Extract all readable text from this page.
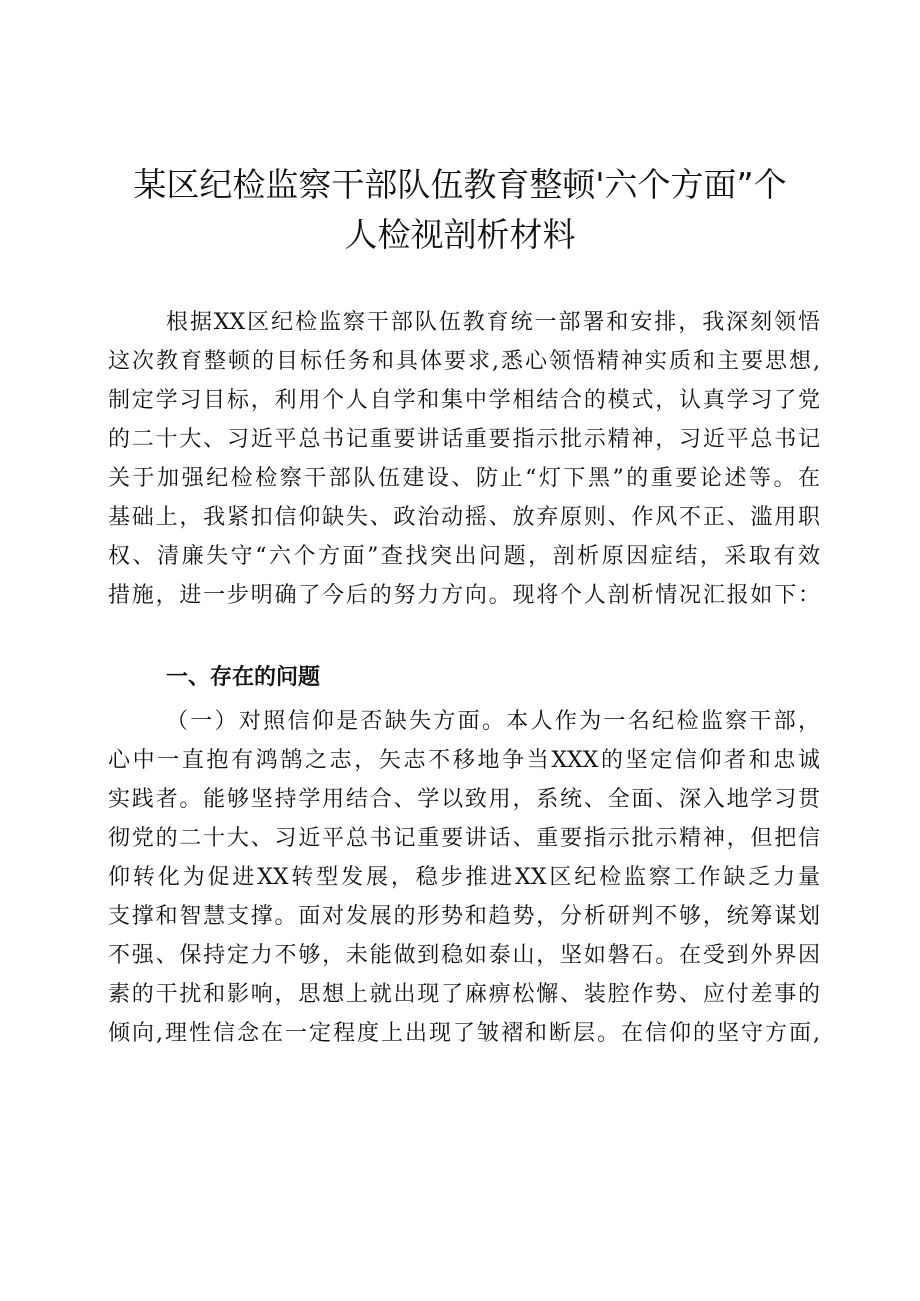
某区纪检监察干部队伍教育整顿'六个方面”个
人检视剖析材料
根据XX区纪检监察干部队伍教育统一部署和安排，我深刻领悟
这次教育整顿的目标任务和具体要求,悉心领悟精神实质和主要思想,
制定学习目标，利用个人自学和集中学相结合的模式，认真学习了党
的二十大、习近平总书记重要讲话重要指示批示精神，习近平总书记
关于加强纪检检察干部队伍建设、防止“灯下黑”的重要论述等。在
基础上，我紧扣信仰缺失、政治动摇、放弃原则、作风不正、滥用职
权、清廉失守“六个方面”查找突出问题，剖析原因症结，采取有效
措施，进一步明确了今后的努力方向。现将个人剖析情况汇报如下：
一、存在的问题
（一）对照信仰是否缺失方面。本人作为一名纪检监察干部，
心中一直抱有鸿鹄之志，矢志不移地争当XXX的坚定信仰者和忠诚
实践者。能够坚持学用结合、学以致用，系统、全面、深入地学习贯
彻党的二十大、习近平总书记重要讲话、重要指示批示精神，但把信
仰转化为促进XX转型发展，稳步推进XX区纪检监察工作缺乏力量
支撑和智慧支撑。面对发展的形势和趋势，分析研判不够，统筹谋划
不强、保持定力不够，未能做到稳如泰山，坚如磐石。在受到外界因
素的干扰和影响，思想上就出现了麻痹松懈、装腔作势、应付差事的
倾向,理性信念在一定程度上出现了皱褶和断层。在信仰的坚守方面,
